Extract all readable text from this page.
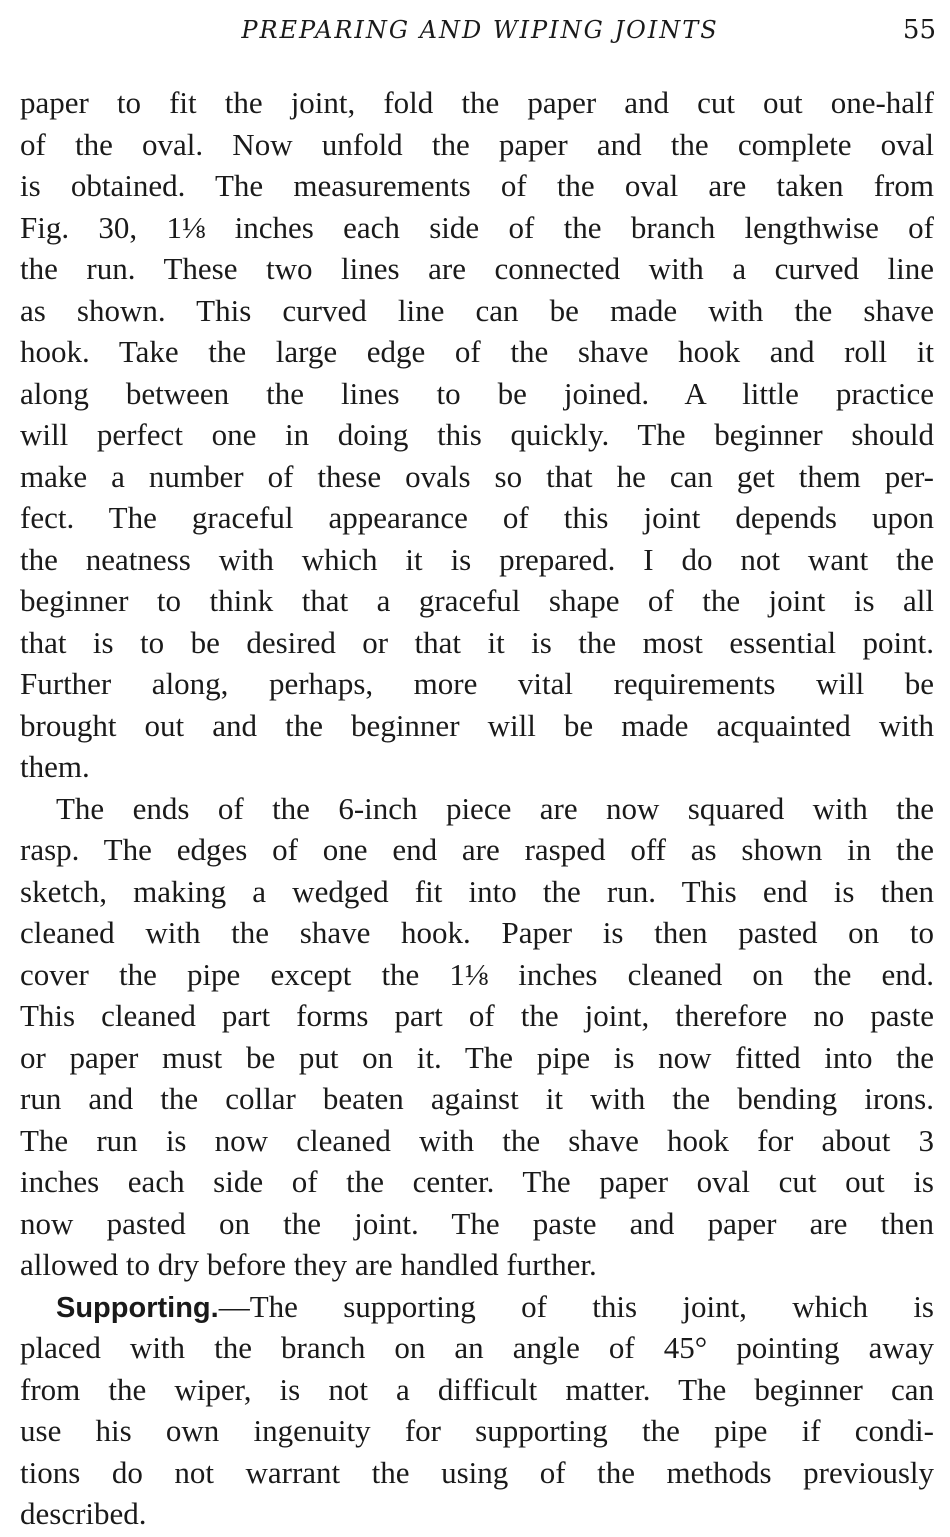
PREPARING AND WIPING JOINTS	55

paper to fit the joint, fold the paper and cut out one-half
of the oval. Now unfold the paper and the complete oval
is obtained. The measurements of the oval are taken from
Fig. 30, 1⅛ inches each side of the branch lengthwise of
the run. These two lines are connected with a curved line
as shown. This curved line can be made with the shave
hook. Take the large edge of the shave hook and roll it
along between the lines to be joined. A little practice
will perfect one in doing this quickly. The beginner should
make a number of these ovals so that he can get them per-
fect. The graceful appearance of this joint depends upon
the neatness with which it is prepared. I do not want the
beginner to think that a graceful shape of the joint is all
that is to be desired or that it is the most essential point.
Further along, perhaps, more vital requirements will be
brought out and the beginner will be made acquainted with
them.

The ends of the 6-inch piece are now squared with the
rasp. The edges of one end are rasped off as shown in the
sketch, making a wedged fit into the run. This end is then
cleaned with the shave hook. Paper is then pasted on to
cover the pipe except the 1⅛ inches cleaned on the end.
This cleaned part forms part of the joint, therefore no paste
or paper must be put on it. The pipe is now fitted into the
run and the collar beaten against it with the bending irons.
The run is now cleaned with the shave hook for about 3
inches each side of the center. The paper oval cut out is
now pasted on the joint. The paste and paper are then
allowed to dry before they are handled further.

Supporting.—The supporting of this joint, which is
placed with the branch on an angle of 45° pointing away
from the wiper, is not a difficult matter. The beginner can
use his own ingenuity for supporting the pipe if condi-
tions do not warrant the using of the methods previously
described.
